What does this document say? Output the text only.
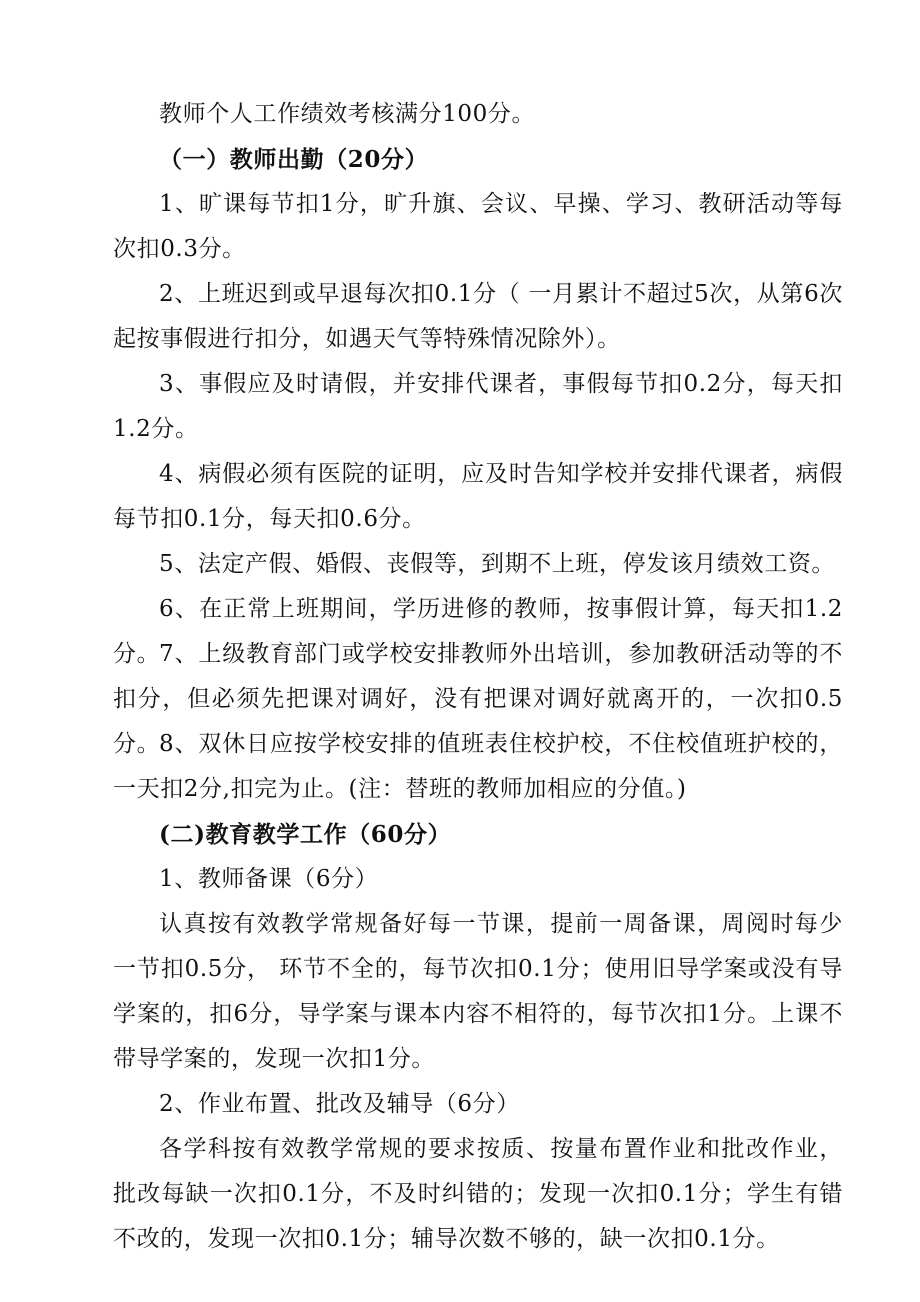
教师个人工作绩效考核满分100分。

（一）教师出勤（20分）

1、旷课每节扣1分，旷升旗、会议、早操、学习、教研活动等每次扣0.3分。

2、上班迟到或早退每次扣0.1分（ 一月累计不超过5次，从第6次起按事假进行扣分，如遇天气等特殊情况除外）。

3、事假应及时请假，并安排代课者，事假每节扣0.2分，每天扣1.2分。

4、病假必须有医院的证明，应及时告知学校并安排代课者，病假每节扣0.1分，每天扣0.6分。

5、法定产假、婚假、丧假等，到期不上班，停发该月绩效工资。

6、在正常上班期间，学历进修的教师，按事假计算，每天扣1.2分。

7、上级教育部门或学校安排教师外出培训，参加教研活动等的不扣分，但必须先把课对调好，没有把课对调好就离开的，一次扣0.5分。

8、双休日应按学校安排的值班表住校护校，不住校值班护校的，一天扣2分,扣完为止。(注：替班的教师加相应的分值。)

(二)教育教学工作（60分）

1、教师备课（6分）

认真按有效教学常规备好每一节课，提前一周备课，周阅时每少一节扣0.5分， 环节不全的，每节次扣0.1分；使用旧导学案或没有导学案的，扣6分，导学案与课本内容不相符的，每节次扣1分。上课不带导学案的，发现一次扣1分。

2、作业布置、批改及辅导（6分）

各学科按有效教学常规的要求按质、按量布置作业和批改作业，批改每缺一次扣0.1分，不及时纠错的；发现一次扣0.1分；学生有错不改的，发现一次扣0.1分；辅导次数不够的，缺一次扣0.1分。
